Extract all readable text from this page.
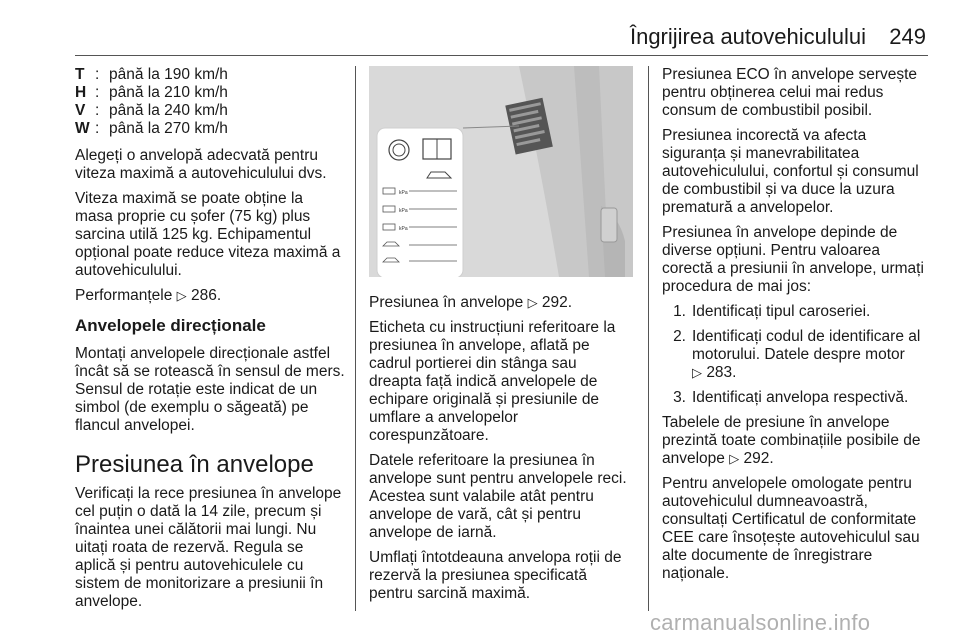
Îngrijirea autovehiculului 249
T : până la 190 km/h
H : până la 210 km/h
V : până la 240 km/h
W : până la 270 km/h

Alegeți o anvelopă adecvată pentru viteza maximă a autovehiculului dvs.

Viteza maximă se poate obține la masa proprie cu șofer (75 kg) plus sarcina utilă 125 kg. Echipamentul opțional poate reduce viteza maximă a autovehiculului.

Performanțele ▷ 286.

Anvelopele direcționale

Montați anvelopele direcționale astfel încât să se rotească în sensul de mers. Sensul de rotație este indicat de un simbol (de exemplu o săgeată) pe flancul anvelopei.

Presiunea în anvelope

Verificați la rece presiunea în anvelope cel puțin o dată la 14 zile, precum și înaintea unei călătorii mai lungi. Nu uitați roata de rezervă. Regula se aplică și pentru autovehiculele cu sistem de monitorizare a presiunii în anvelope.

kPa
kPa
kPa

Presiunea în anvelope ▷ 292.

Eticheta cu instrucțiuni referitoare la presiunea în anvelope, aflată pe cadrul portierei din stânga sau dreapta față indică anvelopele de echipare originală și presiunile de umflare a anvelopelor corespunzătoare.

Datele referitoare la presiunea în anvelope sunt pentru anvelopele reci. Acestea sunt valabile atât pentru anvelope de vară, cât și pentru anvelope de iarnă.

Umflați întotdeauna anvelopa roții de rezervă la presiunea specificată pentru sarcină maximă.

Presiunea ECO în anvelope servește pentru obținerea celui mai redus consum de combustibil posibil.

Presiunea incorectă va afecta siguranța și manevrabilitatea autovehiculului, confortul și consumul de combustibil și va duce la uzura prematură a anvelopelor.

Presiunea în anvelope depinde de diverse opțiuni. Pentru valoarea corectă a presiunii în anvelope, urmați procedura de mai jos:

1. Identificați tipul caroseriei.
2. Identificați codul de identificare al motorului. Datele despre motor
▷ 283.
3. Identificați anvelopa respectivă.

Tabelele de presiune în anvelope prezintă toate combinațiile posibile de anvelope ▷ 292.

Pentru anvelopele omologate pentru autovehiculul dumneavoastră, consultați Certificatul de conformitate CEE care însoțește autovehiculul sau alte documente de înregistrare naționale.

carmanualsonline.info
